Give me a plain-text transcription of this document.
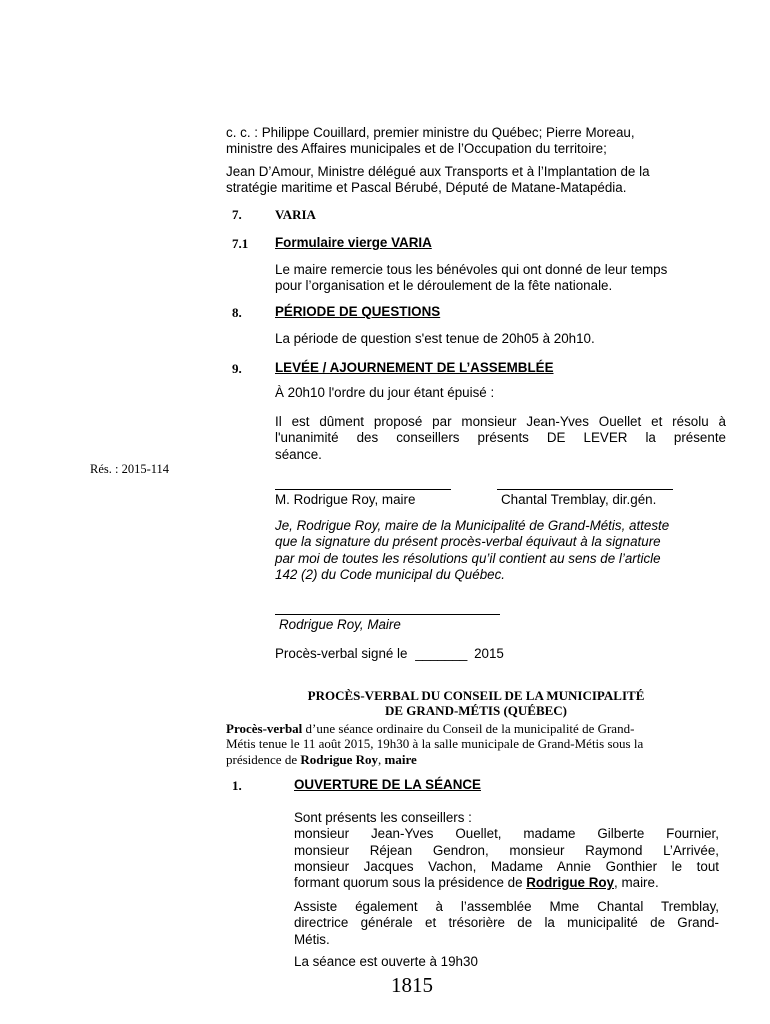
c. c. : Philippe Couillard, premier ministre du Québec; Pierre Moreau,

ministre des Affaires municipales et de l’Occupation du territoire;

Jean D’Amour, Ministre délégué aux Transports et à l’Implantation de la

stratégie maritime et Pascal Bérubé, Député de Matane-Matapédia.

7.	VARIA
7.1 Formulaire vierge VARIA

Le maire remercie tous les bénévoles qui ont donné de leur temps

pour l’organisation et le déroulement de la fête nationale.

8. PÉRIODE DE QUESTIONS
La période de question s'est tenue de 20h05 à 20h10.
9. LEVÉE / AJOURNEMENT DE L’ASSEMBLÉE
À 20h10 l'ordre du jour étant épuisé :

Il est dûment proposé par monsieur Jean-Yves Ouellet et résolu à

l'unanimité des conseillers présents DE LEVER la présente

séance.

Rés. : 2015-114
M. Rodrigue Roy, maire	Chantal Tremblay, dir.gén.

Je, Rodrigue Roy, maire de la Municipalité de Grand-Métis, atteste

que la signature du présent procès-verbal équivaut à la signature

par moi de toutes les résolutions qu’il contient au sens de l’article

142 (2) du Code municipal du Québec.

Rodrigue Roy, Maire
Procès-verbal signé le _______ 2015

PROCÈS-VERBAL DU CONSEIL DE LA MUNICIPALITÉ

DE GRAND-MÉTIS (QUÉBEC)

Procès-verbal d’une séance ordinaire du Conseil de la municipalité de Grand-

Métis tenue le 11 août 2015, 19h30 à la salle municipale de Grand-Métis sous la

présidence de Rodrigue Roy, maire

1.	OUVERTURE DE LA SÉANCE

Sont présents les conseillers :

monsieur Jean-Yves Ouellet, madame Gilberte Fournier,

monsieur Réjean Gendron, monsieur Raymond L’Arrivée,

monsieur Jacques Vachon, Madame Annie Gonthier le tout

formant quorum sous la présidence de Rodrigue Roy, maire.

Assiste également à l’assemblée Mme Chantal Tremblay,

directrice générale et trésorière de la municipalité de Grand-

Métis.

La séance est ouverte à 19h30
1815
